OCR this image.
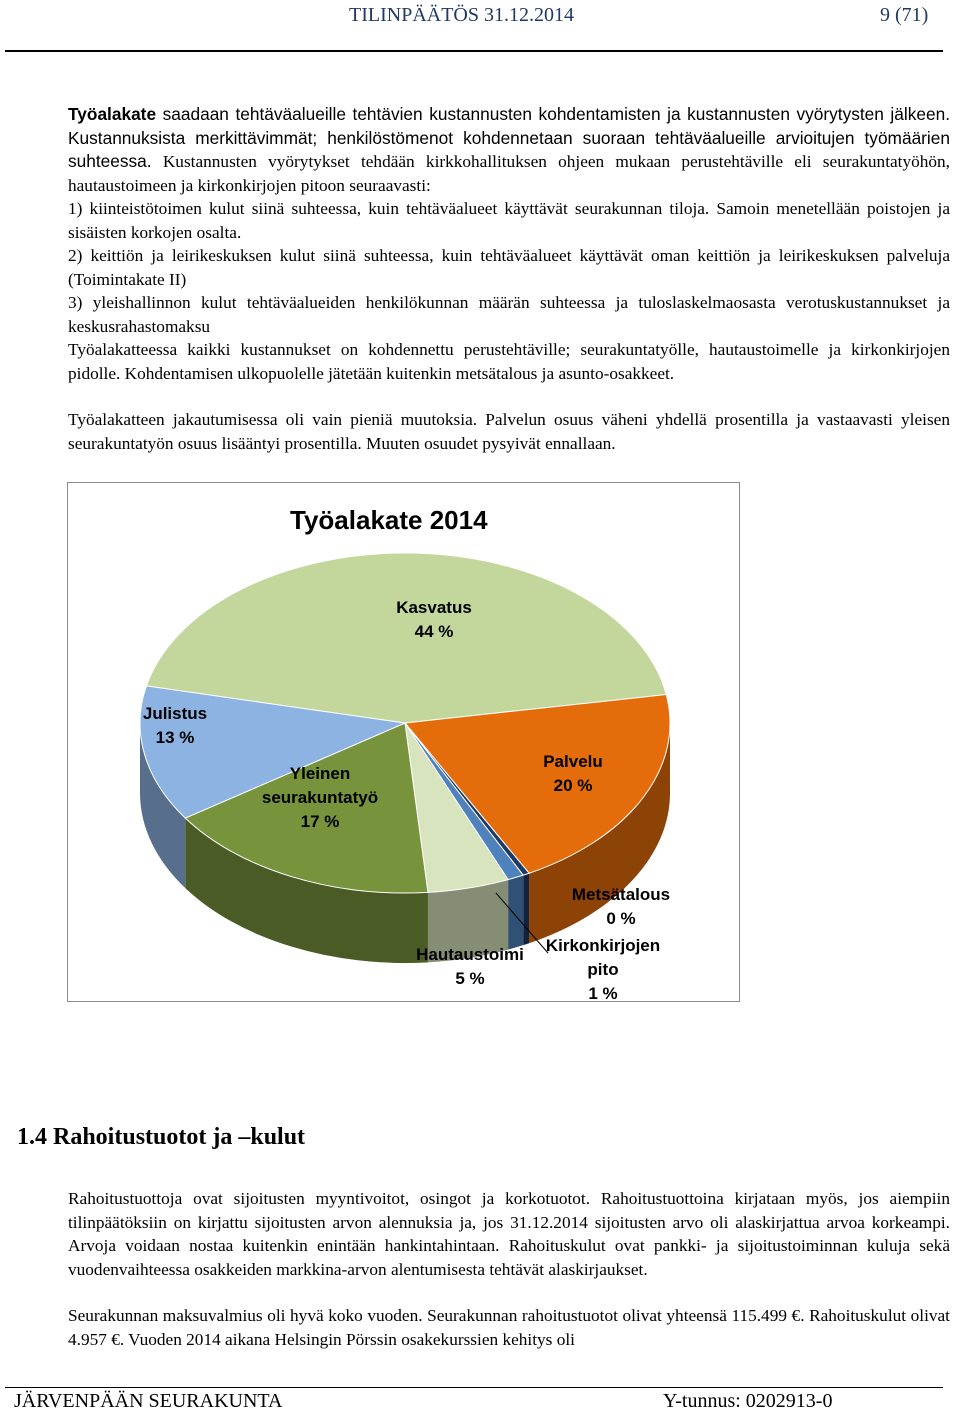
TILINPÄÄTÖS 31.12.2014	9 (71)

Työalakate saadaan tehtäväalueille tehtävien kustannusten kohdentamisten ja kustannusten vyörytysten jälkeen. Kustannuksista merkittävimmät; henkilöstömenot kohdennetaan suoraan tehtäväalueille arvioitujen työmäärien suhteessa. Kustannusten vyörytykset tehdään kirkkohallituksen ohjeen mukaan perustehtäville eli seurakuntatyöhön, hautaustoimeen ja kirkonkirjojen pitoon seuraavasti:

1) kiinteistötoimen kulut siinä suhteessa, kuin tehtäväalueet käyttävät seurakunnan tiloja. Samoin menetellään poistojen ja sisäisten korkojen osalta.

2) keittiön ja leirikeskuksen kulut siinä suhteessa, kuin tehtäväalueet käyttävät oman keittiön ja leirikeskuksen palveluja (Toimintakate II)

3) yleishallinnon kulut tehtäväalueiden henkilökunnan määrän suhteessa ja tuloslaskelmaosasta verotuskustannukset ja keskusrahastomaksu

Työalakatteessa kaikki kustannukset on kohdennettu perustehtäville; seurakuntatyölle, hautaustoimelle ja kirkonkirjojen pidolle. Kohdentamisen ulkopuolelle jätetään kuitenkin metsätalous ja asunto-osakkeet.

Työalakatteen jakautumisessa oli vain pieniä muutoksia. Palvelun osuus väheni yhdellä prosentilla ja vastaavasti yleisen seurakuntatyön osuus lisääntyi prosentilla. Muuten osuudet pysyivät ennallaan.

Työalakate 2014
Kasvatus
44 %
Palvelu
20 %
Metsätalous
0 %
Kirkonkirjojen
pito
1 %
Hautaustoimi
5 %
Yleinen
seurakuntatyö
17 %
Julistus
13 %
1.4 Rahoitustuotot ja –kulut

Rahoitustuottoja ovat sijoitusten myyntivoitot, osingot ja korkotuotot. Rahoitustuottoina kirjataan myös, jos aiempiin tilinpäätöksiin on kirjattu sijoitusten arvon alennuksia ja, jos 31.12.2014 sijoitusten arvo oli alaskirjattua arvoa korkeampi. Arvoja voidaan nostaa kuitenkin enintään hankintahintaan. Rahoituskulut ovat pankki- ja sijoitustoiminnan kuluja sekä vuodenvaihteessa osakkeiden markkina-arvon alentumisesta tehtävät alaskirjaukset.

Seurakunnan maksuvalmius oli hyvä koko vuoden. Seurakunnan rahoitustuotot olivat yhteensä 115.499 €. Rahoituskulut olivat 4.957 €. Vuoden 2014 aikana Helsingin Pörssin osakekurssien kehitys oli

JÄRVENPÄÄN SEURAKUNTA	Y-tunnus: 0202913-0
